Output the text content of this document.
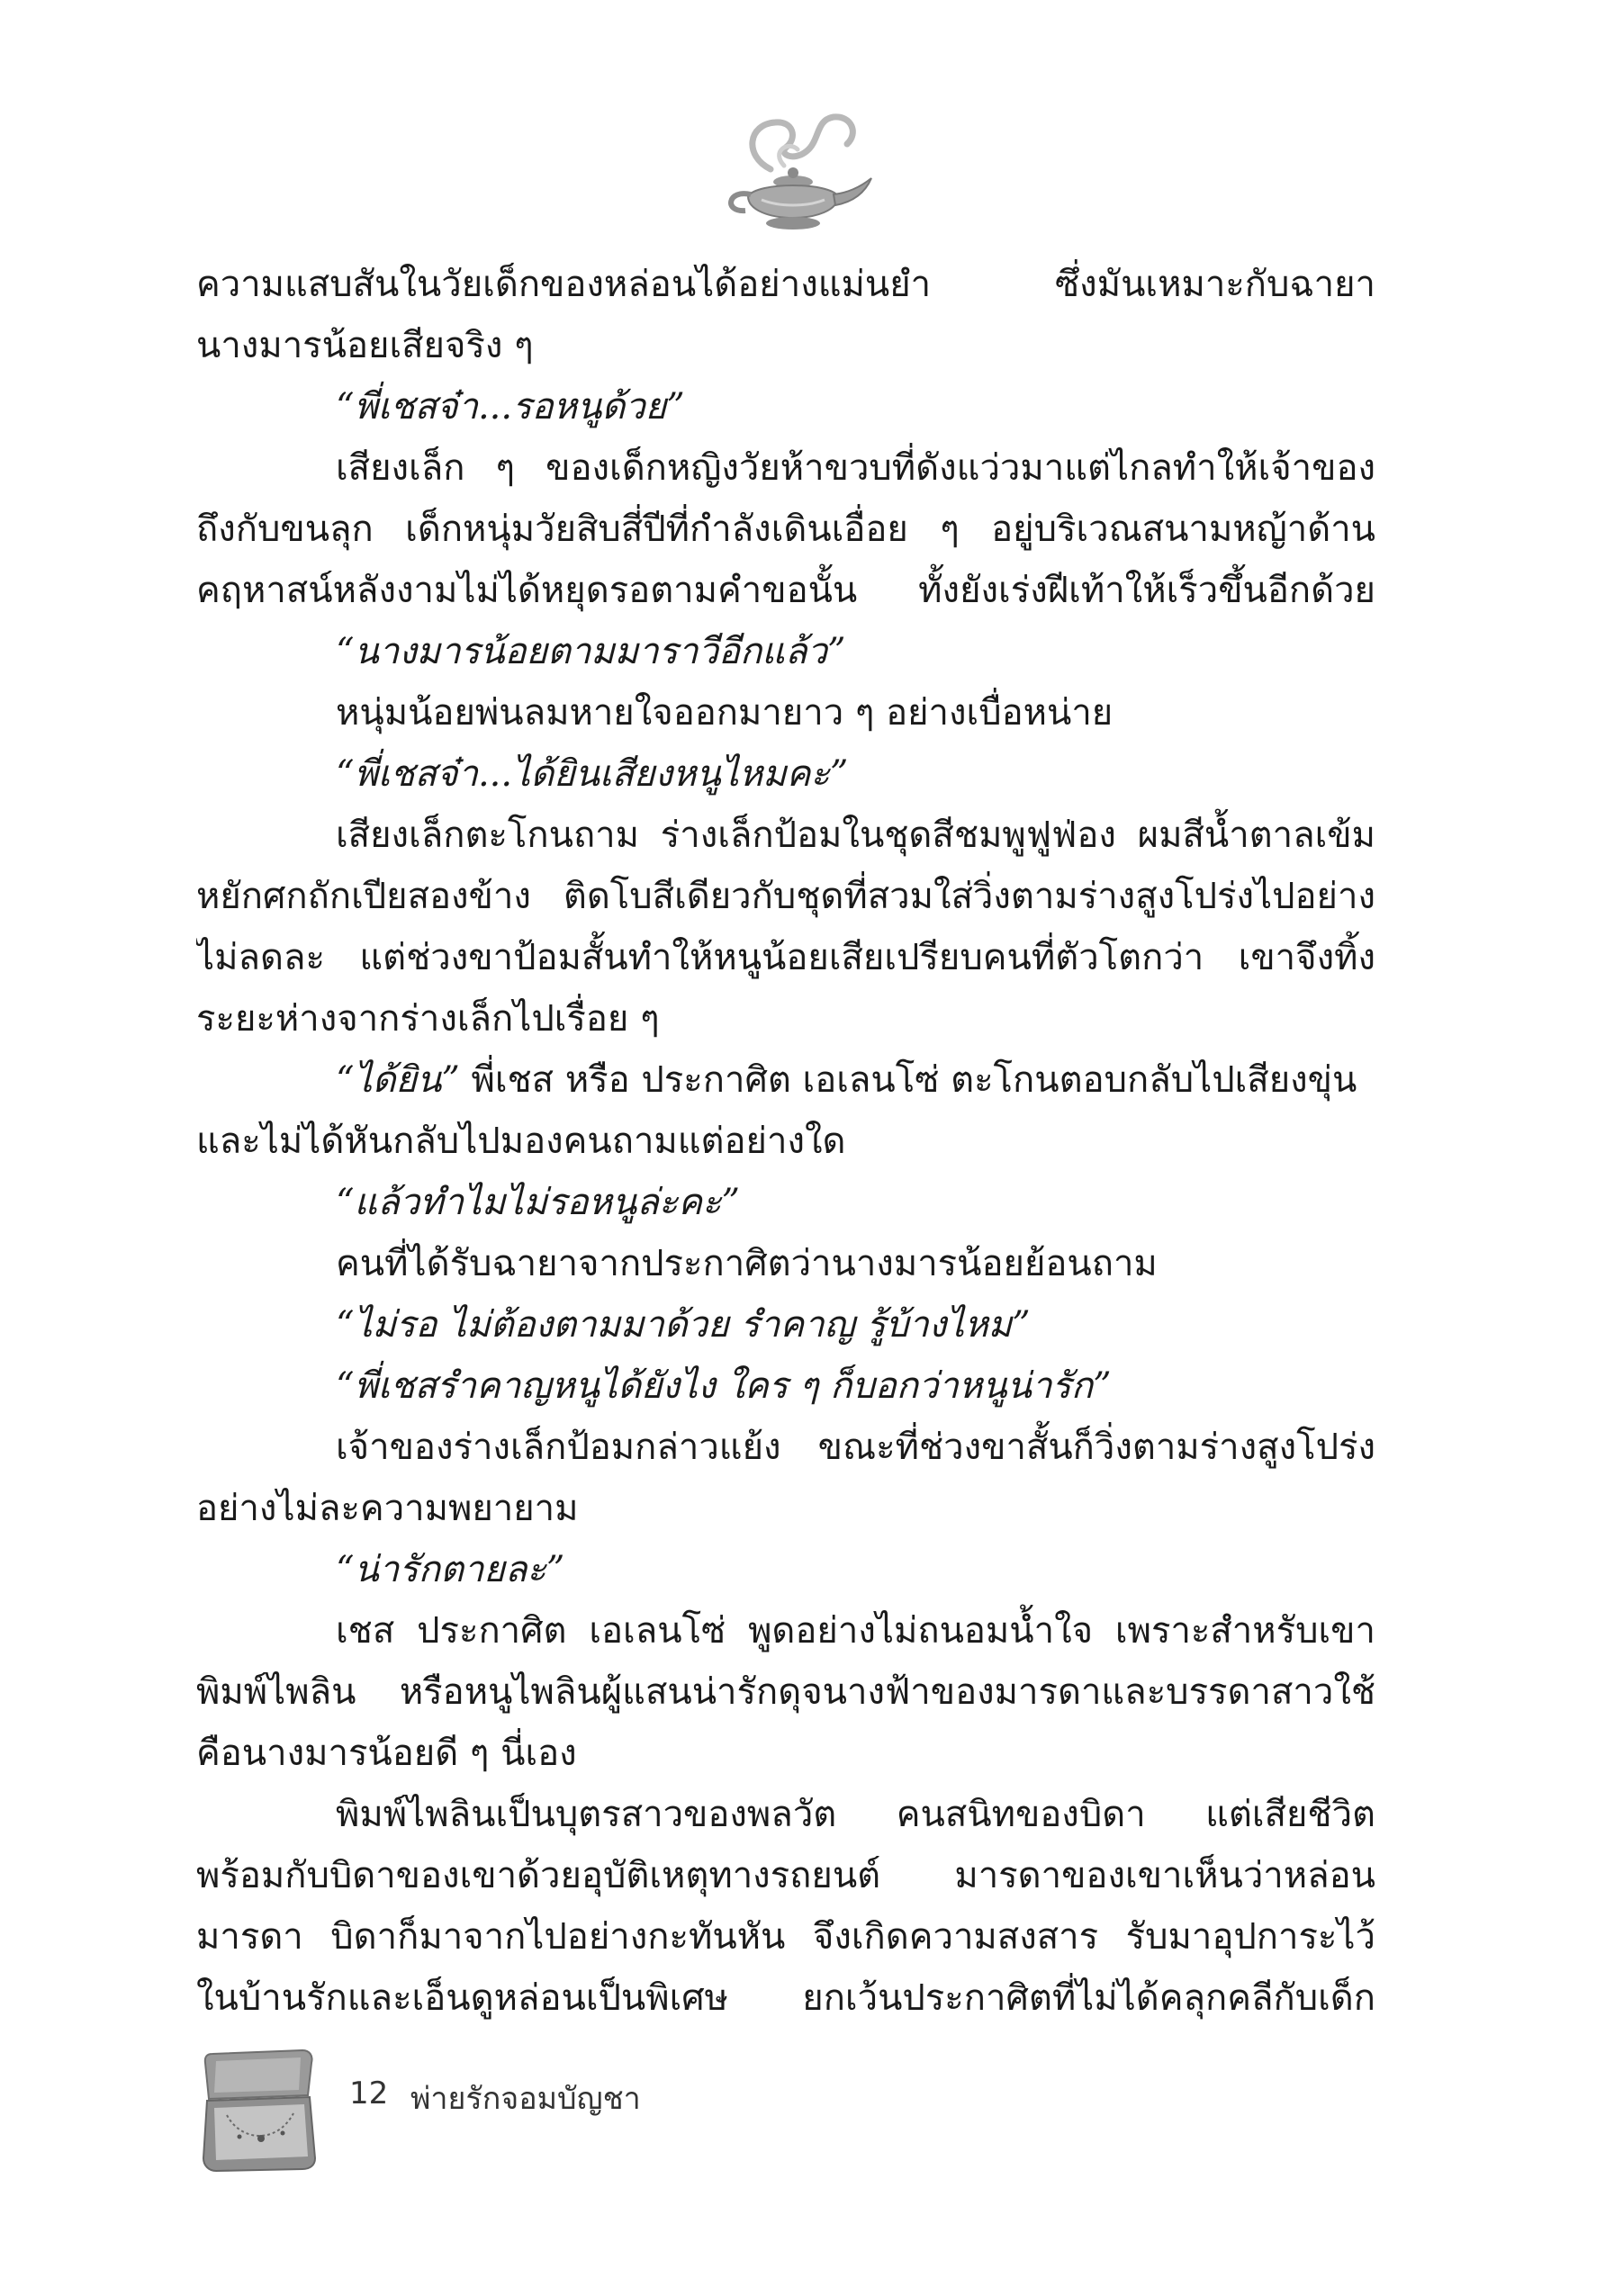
ความแสบสันในวัยเด็กของหล่อนได้อย่างแม่นยำ ซึ่งมันเหมาะกับฉายา
นางมารน้อยเสียจริง ๆ
“พี่เชสจ๋า...รอหนูด้วย”
เสียงเล็ก ๆ ของเด็กหญิงวัยห้าขวบที่ดังแว่วมาแต่ไกลทำให้เจ้าของ
ถึงกับขนลุก เด็กหนุ่มวัยสิบสี่ปีที่กำลังเดินเอื่อย ๆ อยู่บริเวณสนามหญ้าด้าน
คฤหาสน์หลังงามไม่ได้หยุดรอตามคำขอนั้น ทั้งยังเร่งฝีเท้าให้เร็วขึ้นอีกด้วย
“นางมารน้อยตามมาราวีอีกแล้ว”
หนุ่มน้อยพ่นลมหายใจออกมายาว ๆ อย่างเบื่อหน่าย
“พี่เชสจ๋า...ได้ยินเสียงหนูไหมคะ”
เสียงเล็กตะโกนถาม ร่างเล็กป้อมในชุดสีชมพูฟูฟ่อง ผมสีน้ำตาลเข้ม
หยักศกถักเปียสองข้าง ติดโบสีเดียวกับชุดที่สวมใส่วิ่งตามร่างสูงโปร่งไปอย่าง
ไม่ลดละ แต่ช่วงขาป้อมสั้นทำให้หนูน้อยเสียเปรียบคนที่ตัวโตกว่า เขาจึงทิ้ง
ระยะห่างจากร่างเล็กไปเรื่อย ๆ
“ได้ยิน” พี่เชส หรือ ประกาศิต เอเลนโซ่ ตะโกนตอบกลับไปเสียงขุ่น
และไม่ได้หันกลับไปมองคนถามแต่อย่างใด
“แล้วทำไมไม่รอหนูล่ะคะ”
คนที่ได้รับฉายาจากประกาศิตว่านางมารน้อยย้อนถาม
“ไม่รอ ไม่ต้องตามมาด้วย รำคาญ รู้บ้างไหม”
“พี่เชสรำคาญหนูได้ยังไง ใคร ๆ ก็บอกว่าหนูน่ารัก”
เจ้าของร่างเล็กป้อมกล่าวแย้ง ขณะที่ช่วงขาสั้นก็วิ่งตามร่างสูงโปร่ง
อย่างไม่ละความพยายาม
“น่ารักตายละ”
เชส ประกาศิต เอเลนโซ่ พูดอย่างไม่ถนอมน้ำใจ เพราะสำหรับเขา
พิมพ์ไพลิน หรือหนูไพลินผู้แสนน่ารักดุจนางฟ้าของมารดาและบรรดาสาวใช้
คือนางมารน้อยดี ๆ นี่เอง
พิมพ์ไพลินเป็นบุตรสาวของพลวัต คนสนิทของบิดา แต่เสียชีวิต
พร้อมกับบิดาของเขาด้วยอุบัติเหตุทางรถยนต์ มารดาของเขาเห็นว่าหล่อน
มารดา บิดาก็มาจากไปอย่างกะทันหัน จึงเกิดความสงสาร รับมาอุปการะไว้
ในบ้านรักและเอ็นดูหล่อนเป็นพิเศษ ยกเว้นประกาศิตที่ไม่ได้คลุกคลีกับเด็ก
12 พ่ายรักจอมบัญชา
